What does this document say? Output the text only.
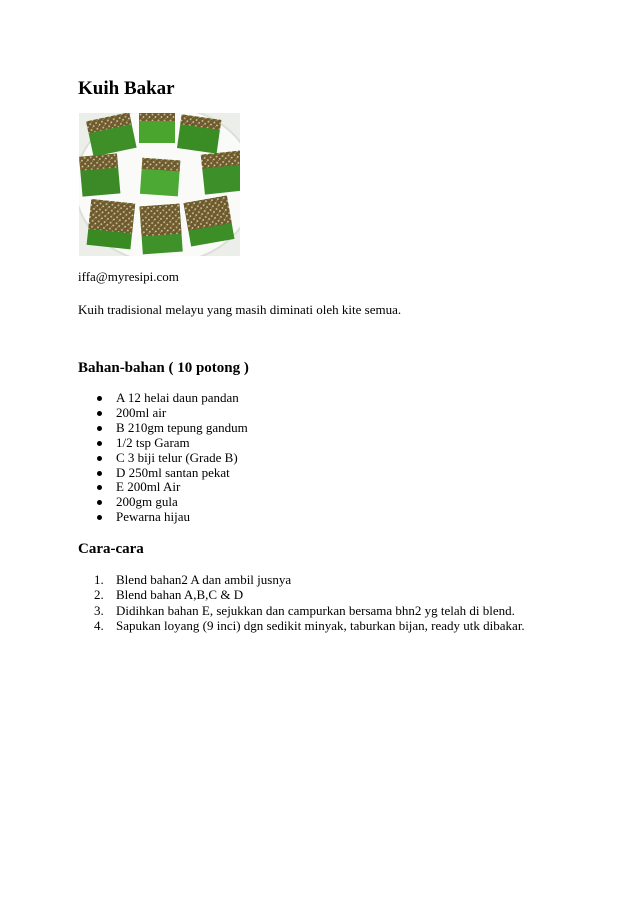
Kuih Bakar

iffa@myresipi.com

Kuih tradisional melayu yang masih diminati oleh kite semua.

Bahan-bahan ( 10 potong )
A 12 helai daun pandan
200ml air
B 210gm tepung gandum
1/2 tsp Garam
C 3 biji telur (Grade B)
D 250ml santan pekat
E 200ml Air
200gm gula
Pewarna hijau
Cara-cara
1. Blend bahan2 A dan ambil jusnya
2. Blend bahan A,B,C & D
3. Didihkan bahan E, sejukkan dan campurkan bersama bhn2 yg telah di blend.
4. Sapukan loyang (9 inci) dgn sedikit minyak, taburkan bijan, ready utk dibakar.
